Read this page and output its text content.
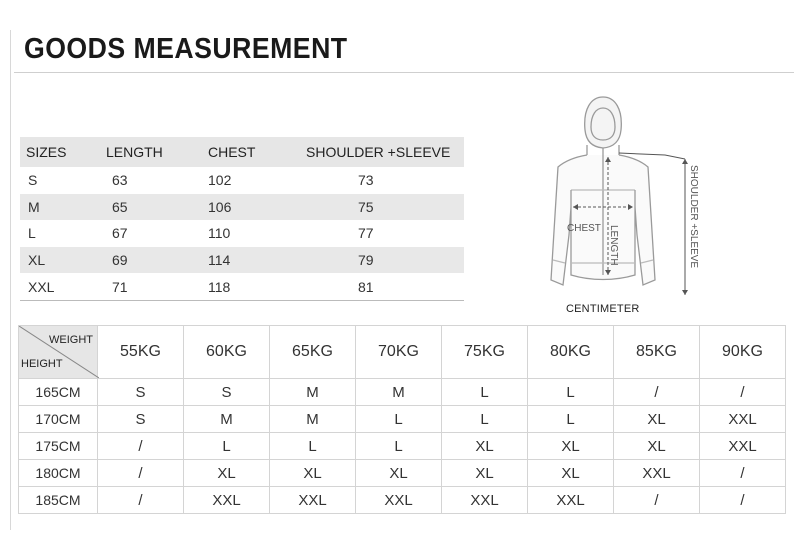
GOODS MEASUREMENT
SIZES	LENGTH	CHEST	SHOULDER +SLEEVE
S	63	102	73
M	65	106	75
L	67	110	77
XL	69	114	79
XXL	71	118	81
CHEST LENGTH	SHOULDER +SLEEVE
CENTIMETER
WEIGHT
HEIGHT	55KG	60KG	65KG	70KG	75KG	80KG	85KG	90KG
165CM	S	S	M	M	L	L	/	/
170CM	S	M	M	L	L	L	XL	XXL
175CM	/	L	L	L	XL	XL	XL	XXL
180CM	/	XL	XL	XL	XL	XL	XXL	/
185CM	/	XXL	XXL	XXL	XXL	XXL	/	/
